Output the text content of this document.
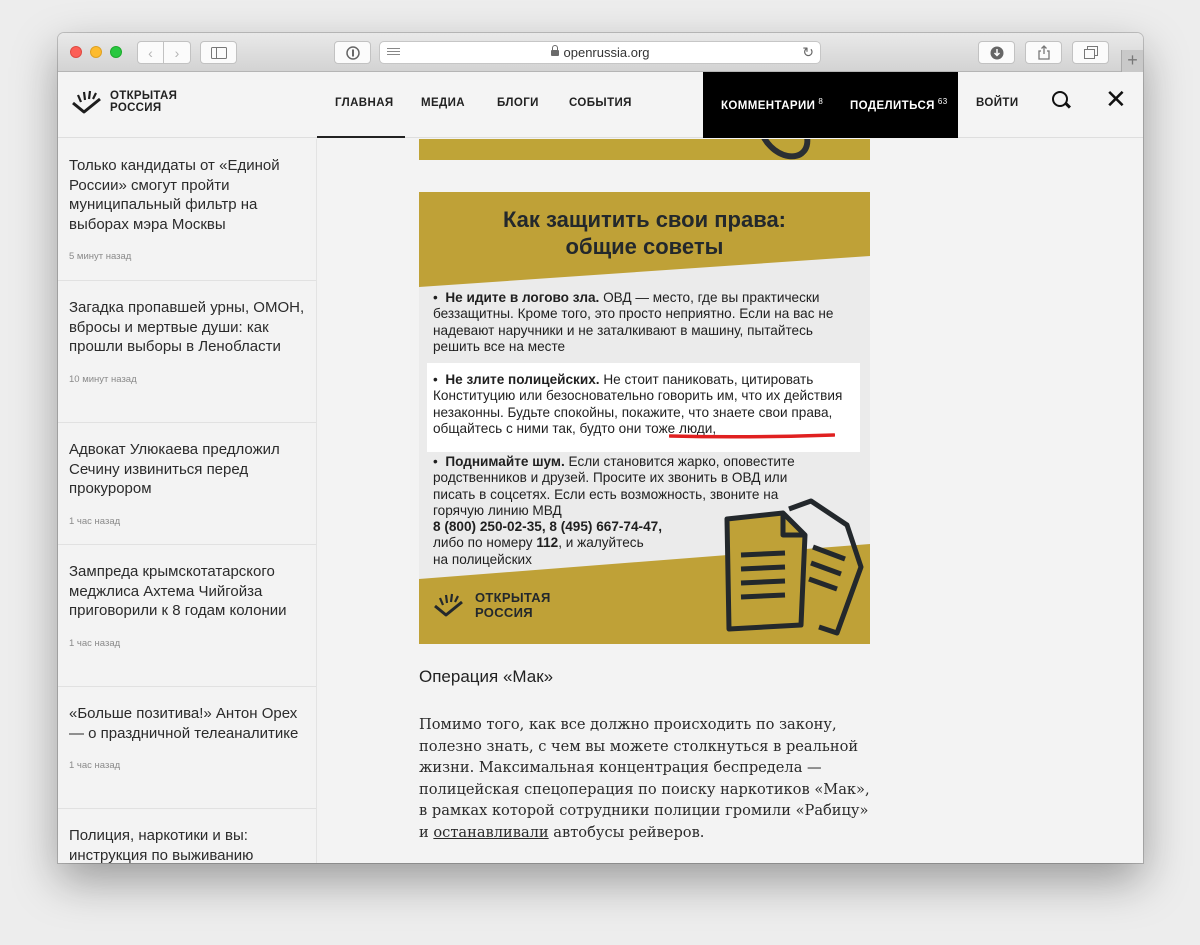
‹	›	openrussia.org	↻	+
ОТКРЫТАЯ
РОССИЯ	ГЛАВНАЯ МЕДИА	БЛОГИ	СОБЫТИЯ	КОММЕНТАРИИ $^8$ ПОДЕЛИТЬСЯ $^{63}$ ВОЙТИ	✕
Только кандидаты от «Единой России» смогут пройти муниципальный фильтр на выборах мэра Москвы
5 минут назад
Загадка пропавшей урны, ОМОН, вбросы и мертвые души: как прошли выборы в Ленобласти
10 минут назад
Адвокат Улюкаева предложил Сечину извиниться перед прокурором
1 час назад
Зампреда крымскотатарского меджлиса Ахтема Чийгойза приговорили к 8 годам колонии
1 час назад
«Больше позитива!» Антон Орех — о праздничной телеаналитике
1 час назад
Полиция, наркотики и вы: инструкция по выживанию
Как защитить свои права:
общие советы
•  Не идите в логово зла. ОВД — место, где вы практически беззащитны. Кроме того, это просто неприятно. Если на вас не надевают наручники и не заталкивают в машину, пытайтесь решить все на месте
•  Не злите полицейских. Не стоит паниковать, цитировать Конституцию или безосновательно говорить им, что их действия незаконны. Будьте спокойны, покажите, что знаете свои права, общайтесь с ними так, будто они тоже люди,
•  Поднимайте шум. Если становится жарко, оповестите родственников и друзей. Просите их звонить в ОВД или писать в соцсетях. Если есть возможность, звоните на горячую линию МВД
8 (800) 250-02-35, 8 (495) 667-74-47,
либо по номеру 112, и жалуйтесь
на полицейских
ОТКРЫТАЯ
РОССИЯ
Операция «Мак»

Помимо того, как все должно происходить по закону, полезно знать, с чем вы можете столкнуться в реальной жизни. Максимальная концентрация беспредела — полицейская спецоперация по поиску наркотиков «Мак», в рамках которой сотрудники полиции громили «Рабицу» и останавливали автобусы рейверов.
